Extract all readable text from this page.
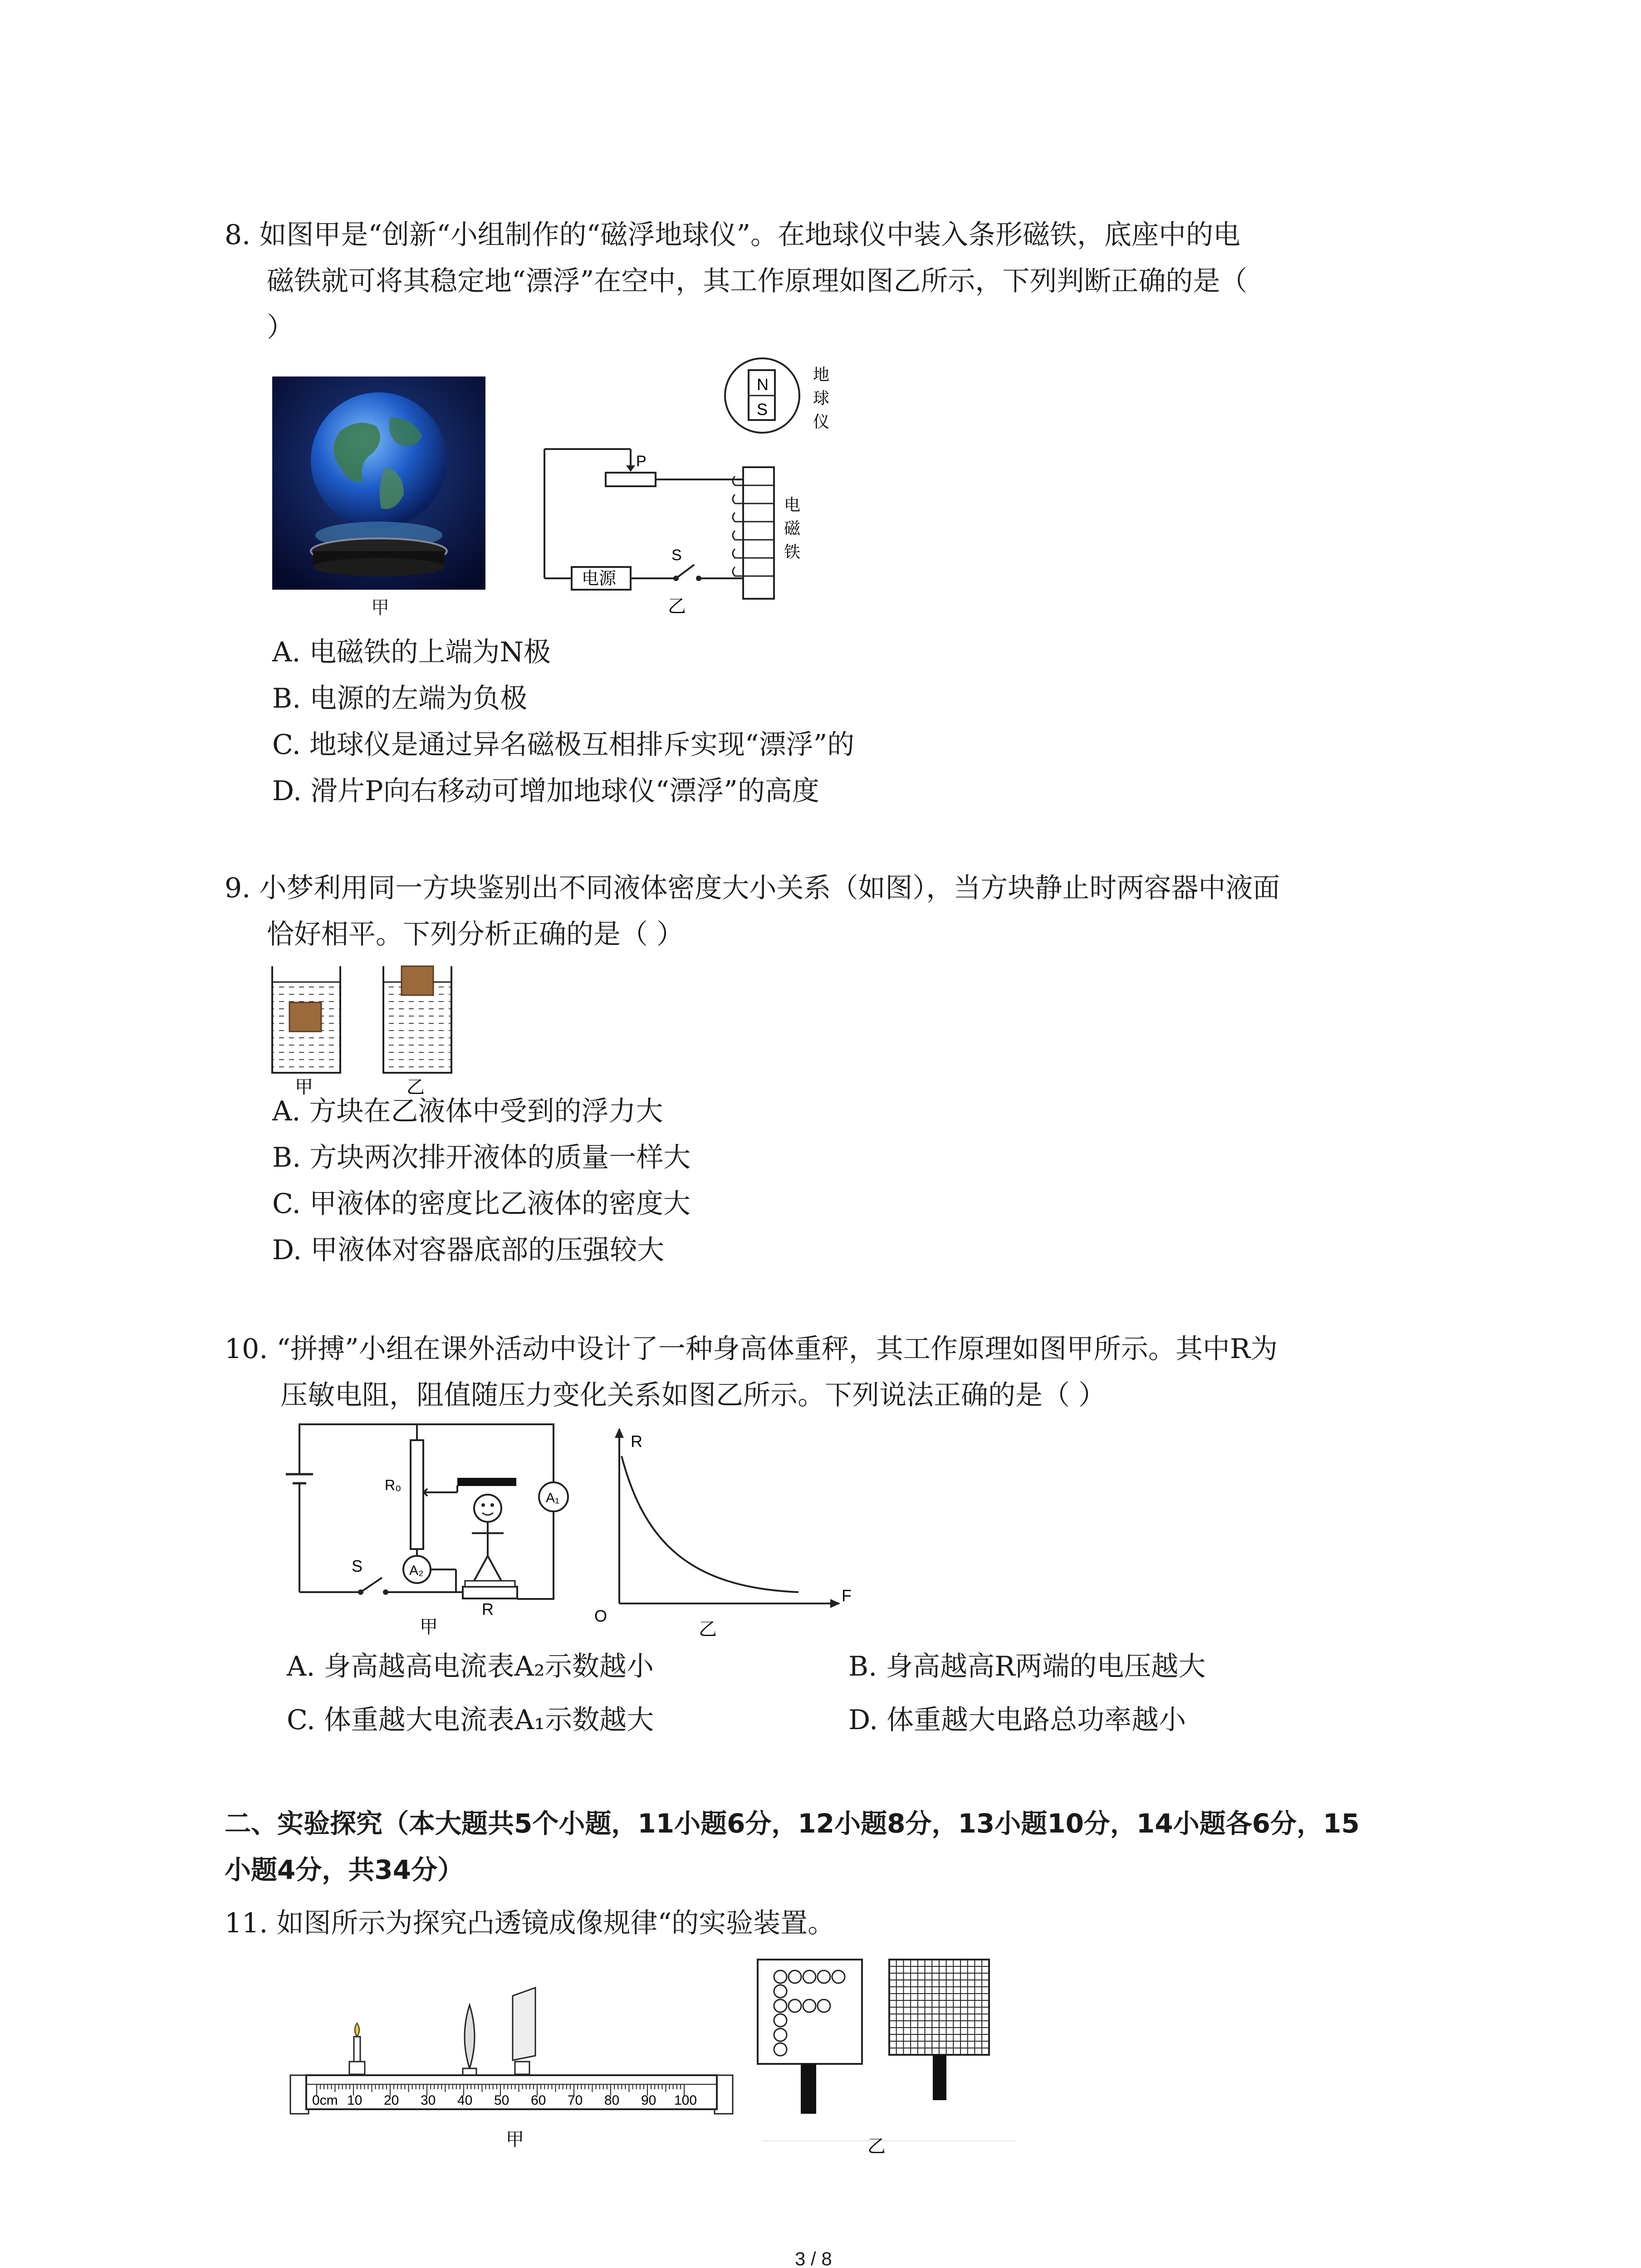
8. 如图甲是“创新“小组制作的“磁浮地球仪”。在地球仪中装入条形磁铁，底座中的电
磁铁就可将其稳定地“漂浮”在空中，其工作原理如图乙所示，下列判断正确的是（
）
甲
N
S
地
球
仪
电
磁
铁
P
电源
S
乙
A. 电磁铁的上端为N极
B. 电源的左端为负极
C. 地球仪是通过异名磁极互相排斥实现“漂浮”的
D. 滑片P向右移动可增加地球仪“漂浮”的高度
9. 小梦利用同一方块鉴别出不同液体密度大小关系（如图），当方块静止时两容器中液面
恰好相平。下列分析正确的是（ ）
甲	乙
A. 方块在乙液体中受到的浮力大
B. 方块两次排开液体的质量一样大
C. 甲液体的密度比乙液体的密度大
D. 甲液体对容器底部的压强较大
10. “拼搏”小组在课外活动中设计了一种身高体重秤，其工作原理如图甲所示。其中R为
压敏电阻，阻值随压力变化关系如图乙所示。下列说法正确的是（ ）
S
R
R₀
A₂
A₁
甲
R
F
O
乙
A. 身高越高电流表A₂示数越小	B. 身高越高R两端的电压越大
C. 体重越大电流表A₁示数越大	D. 体重越大电路总功率越小
二、实验探究（本大题共5个小题，11小题6分，12小题8分，13小题10分，14小题各6分，15
小题4分，共34分）
11. 如图所示为探究凸透镜成像规律“的实验装置。
0cm 10 20 30 40 50 60 70 80 90 100
甲	乙
3 / 8
